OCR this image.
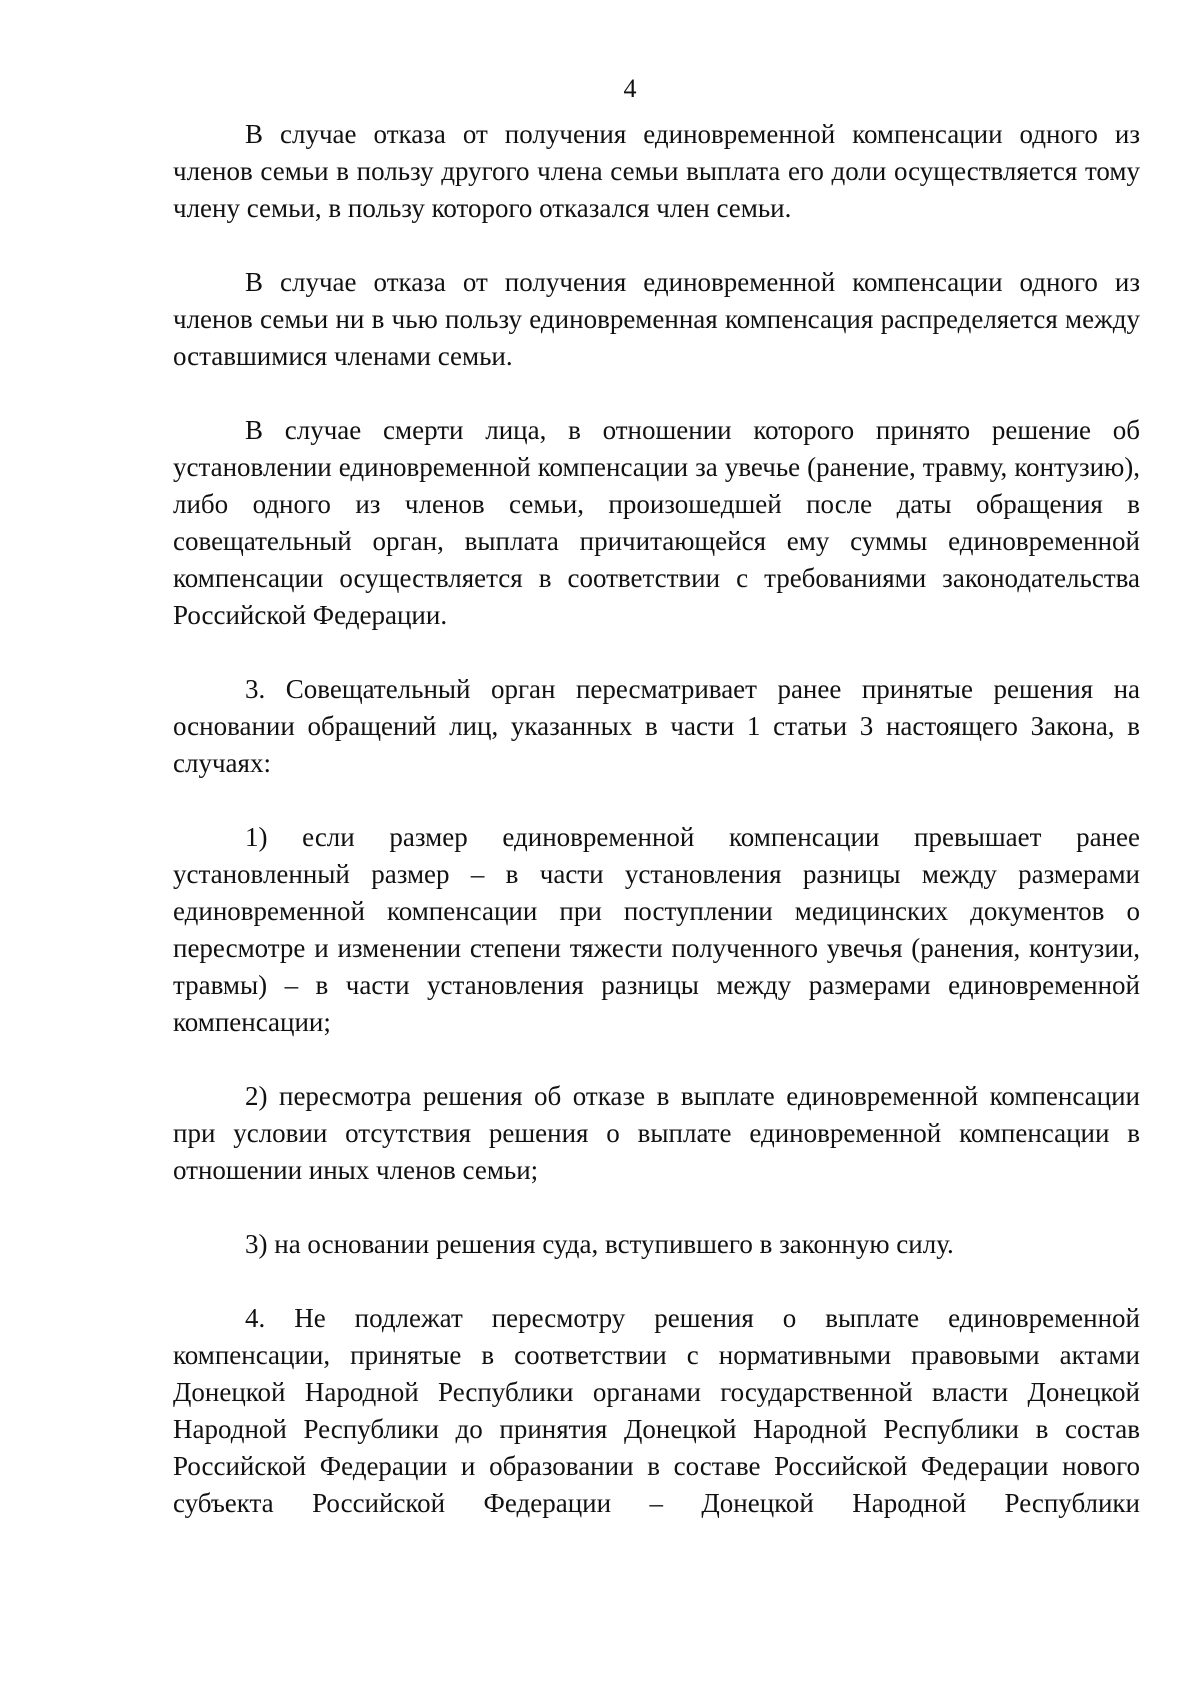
4

В случае отказа от получения единовременной компенсации одного из членов семьи в пользу другого члена семьи выплата его доли осуществляется тому члену семьи, в пользу которого отказался член семьи.

В случае отказа от получения единовременной компенсации одного из членов семьи ни в чью пользу единовременная компенсация распределяется между оставшимися членами семьи.

В случае смерти лица, в отношении которого принято решение об установлении единовременной компенсации за увечье (ранение, травму, контузию), либо одного из членов семьи, произошедшей после даты обращения в совещательный орган, выплата причитающейся ему суммы единовременной компенсации осуществляется в соответствии с требованиями законодательства Российской Федерации.

3. Совещательный орган пересматривает ранее принятые решения на основании обращений лиц, указанных в части 1 статьи 3 настоящего Закона, в случаях:

1) если размер единовременной компенсации превышает ранее установленный размер – в части установления разницы между размерами единовременной компенсации при поступлении медицинских документов о пересмотре и изменении степени тяжести полученного увечья (ранения, контузии, травмы) – в части установления разницы между размерами единовременной компенсации;

2) пересмотра решения об отказе в выплате единовременной компенсации при условии отсутствия решения о выплате единовременной компенсации в отношении иных членов семьи;

3) на основании решения суда, вступившего в законную силу.

4. Не подлежат пересмотру решения о выплате единовременной компенсации, принятые в соответствии с нормативными правовыми актами Донецкой Народной Республики органами государственной власти Донецкой Народной Республики до принятия Донецкой Народной Республики в состав Российской Федерации и образовании в составе Российской Федерации нового субъекта Российской Федерации – Донецкой Народной Республики
